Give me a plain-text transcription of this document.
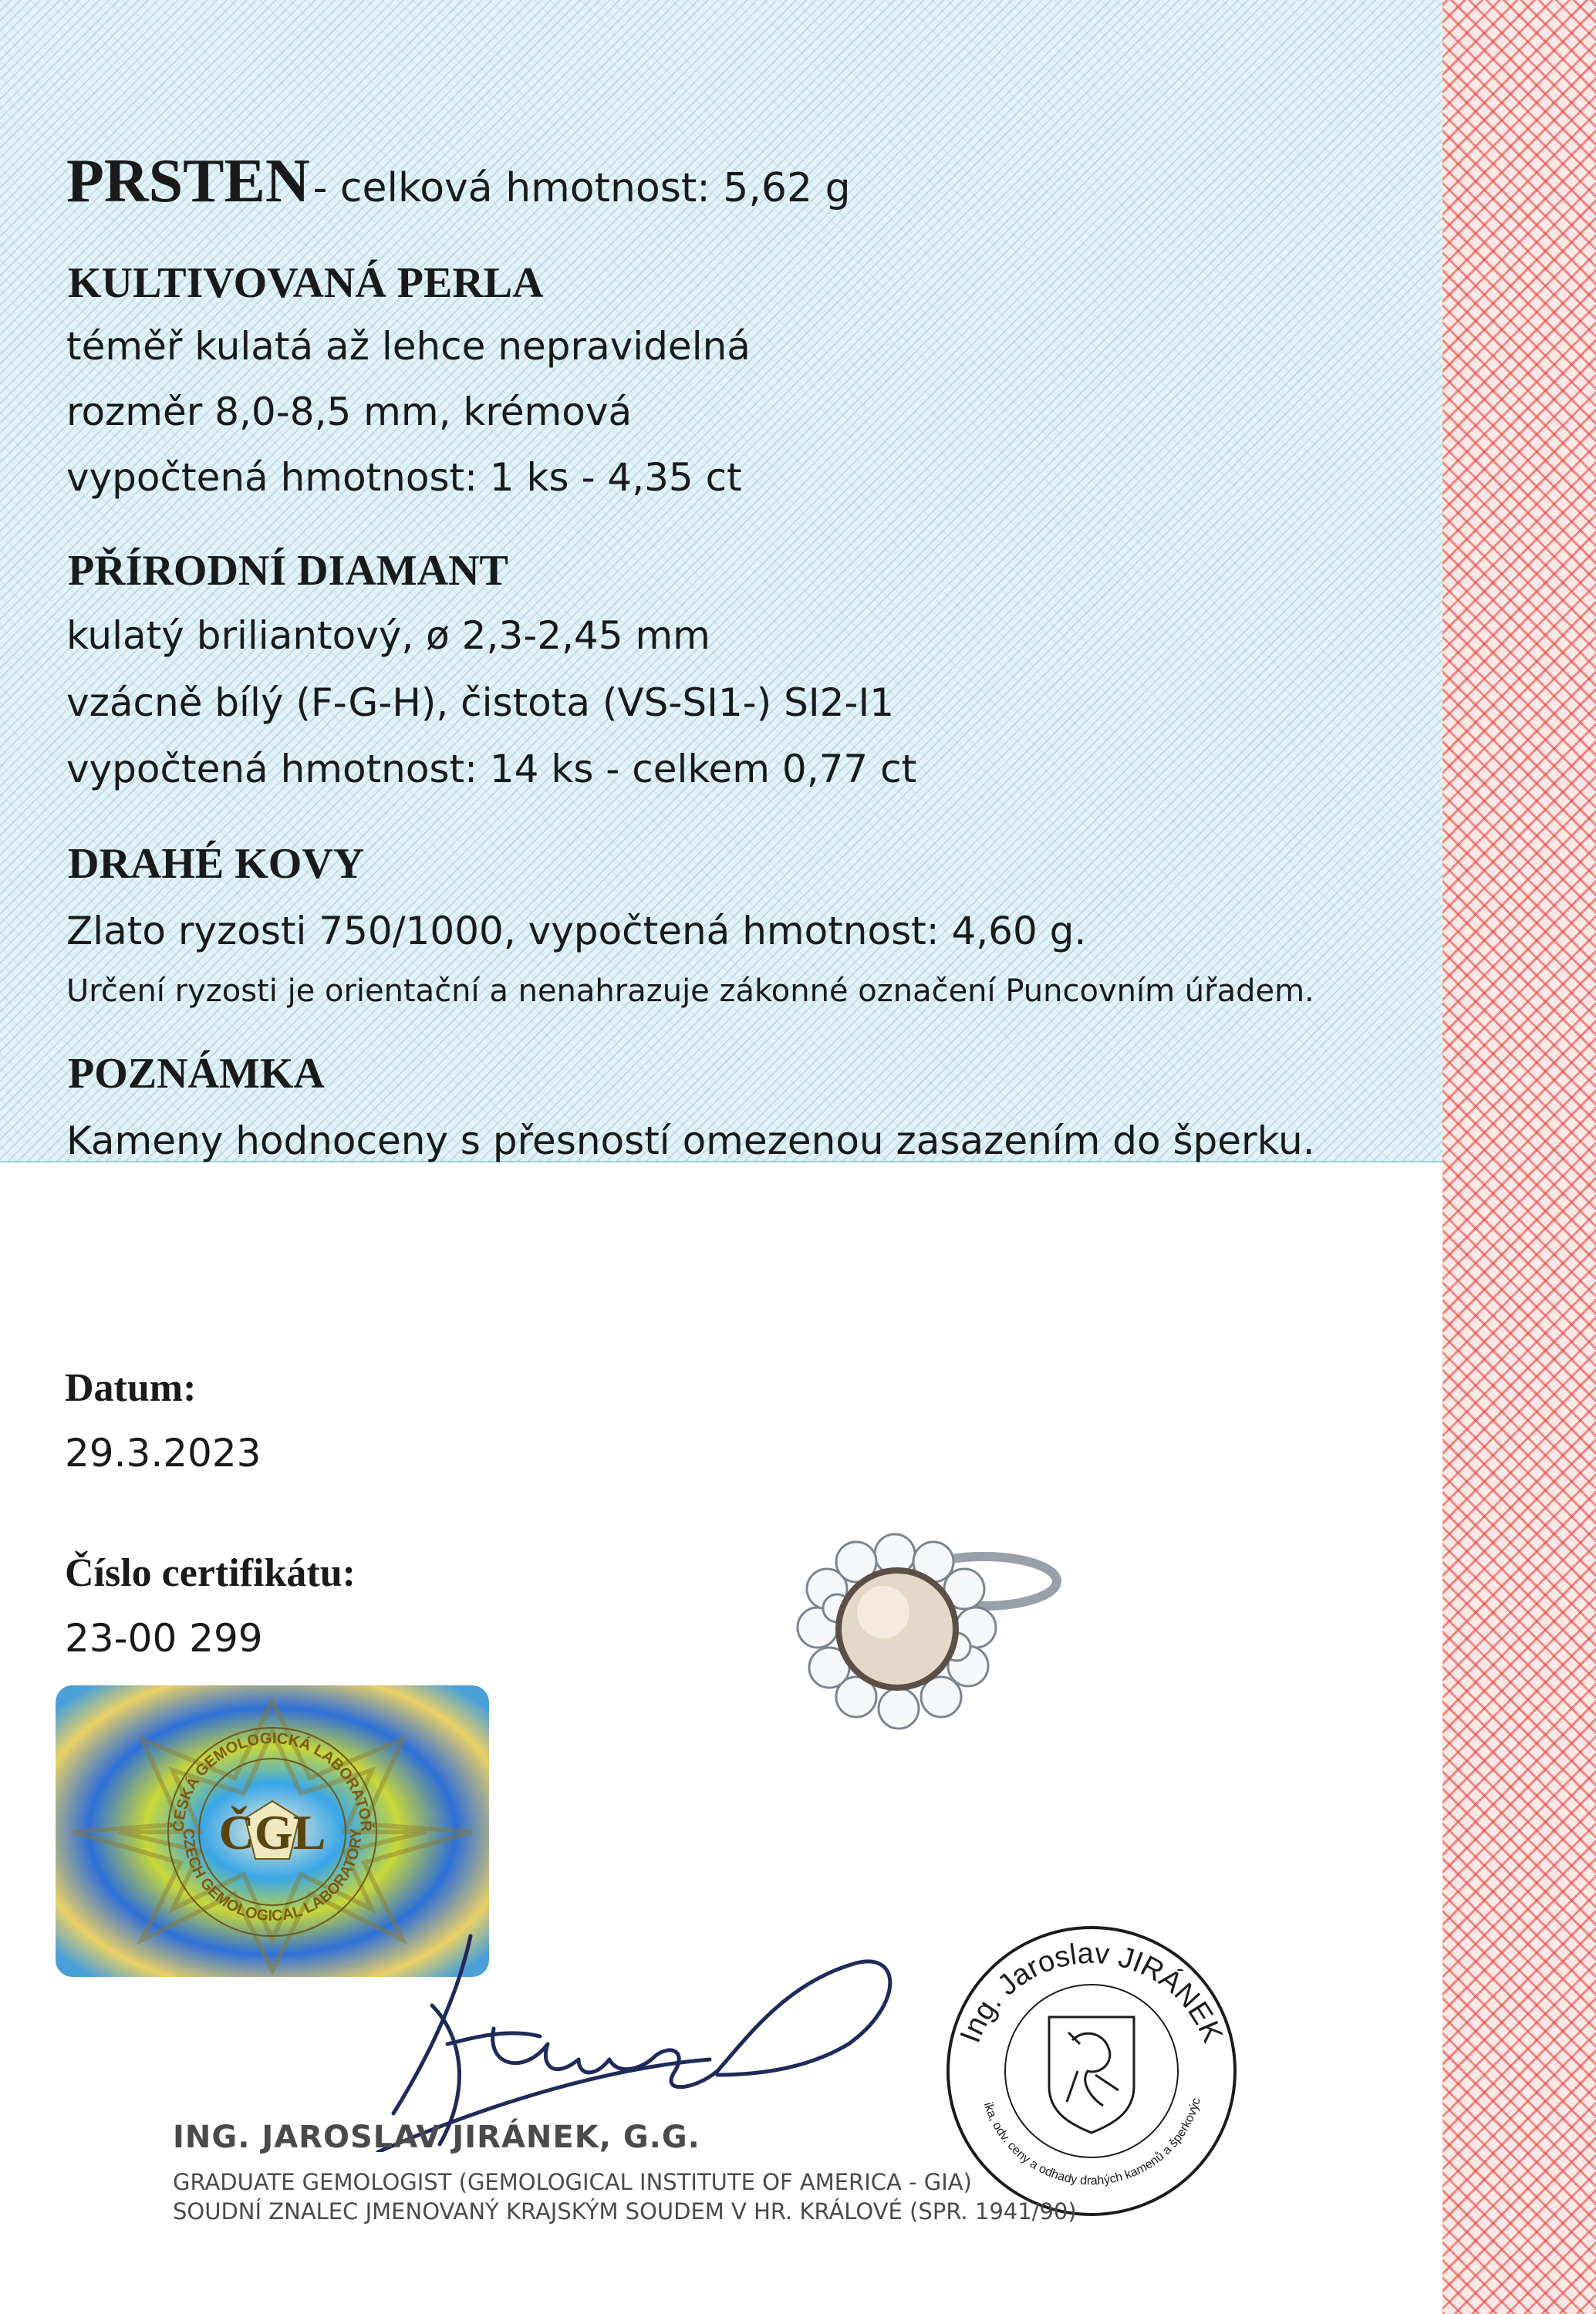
PRSTEN - celková hmotnost: 5,62 g
KULTIVOVANÁ PERLA
téměř kulatá až lehce nepravidelná
rozměr 8,0-8,5 mm, krémová
vypočtená hmotnost: 1 ks - 4,35 ct
PŘÍRODNÍ DIAMANT
kulatý briliantový, ø 2,3-2,45 mm
vzácně bílý (F-G-H), čistota (VS-SI1-) SI2-I1
vypočtená hmotnost: 14 ks - celkem 0,77 ct
DRAHÉ KOVY
Zlato ryzosti 750/1000, vypočtená hmotnost: 4,60 g.
Určení ryzosti je orientační a nenahrazuje zákonné označení Puncovním úřadem.
POZNÁMKA
Kameny hodnoceny s přesností omezenou zasazením do šperku.
Datum:
29.3.2023
Číslo certifikátu:
23-00 299
ČESKÁ GEMOLOGICKÁ LABORATOŘ
CZECH GEMOLOGICAL LABORATORY
ČGL
Ing. Jaroslav JIRÁNEK
ika, odv. ceny a odhady drahých kamenů a šperkovýc
ING. JAROSLAV JIRÁNEK, G.G.
GRADUATE GEMOLOGIST (GEMOLOGICAL INSTITUTE OF AMERICA - GIA)
SOUDNÍ ZNALEC JMENOVANÝ KRAJSKÝM SOUDEM V HR. KRÁLOVÉ (SPR. 1941/90)
